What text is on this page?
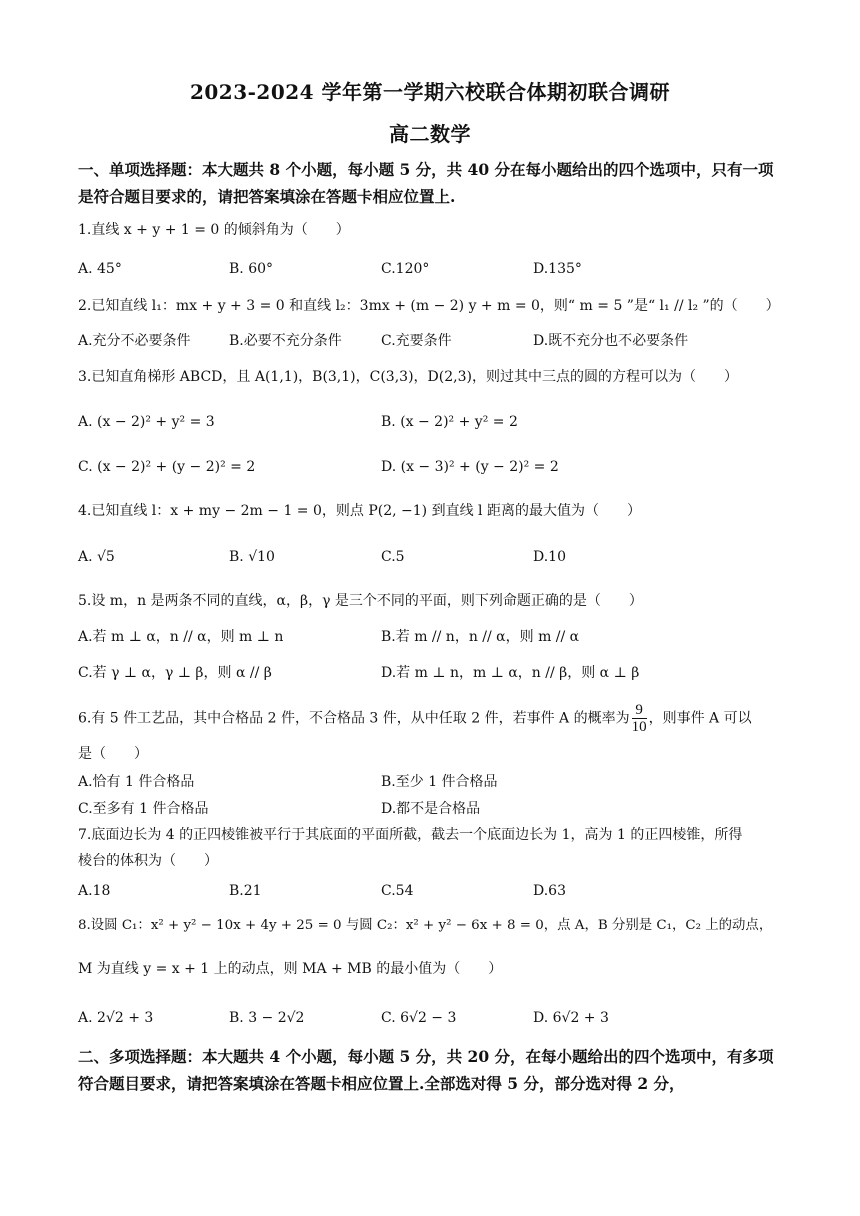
2023-2024 学年第一学期六校联合体期初联合调研
高二数学
一、单项选择题：本大题共 8 个小题，每小题 5 分，共 40 分在每小题给出的四个选项中，只有一项是符合题目要求的，请把答案填涂在答题卡相应位置上.
1.直线 x + y + 1 = 0 的倾斜角为（　　）
A. 45°	B. 60°	C.120°	D.135°
2.已知直线 l₁：mx + y + 3 = 0 和直线 l₂：3mx + (m − 2) y + m = 0，则“ m = 5 ”是“ l₁ // l₂ ”的（　　）
A.充分不必要条件	B.必要不充分条件	C.充要条件	D.既不充分也不必要条件
3.已知直角梯形 ABCD，且 A(1,1)，B(3,1)，C(3,3)，D(2,3)，则过其中三点的圆的方程可以为（　　）
A. (x − 2)² + y² = 3	B. (x − 2)² + y² = 2
C. (x − 2)² + (y − 2)² = 2	D. (x − 3)² + (y − 2)² = 2
4.已知直线 l：x + my − 2m − 1 = 0，则点 P(2, −1) 到直线 l 距离的最大值为（　　）
A. √5	B. √10	C.5	D.10
5.设 m，n 是两条不同的直线，α，β，γ 是三个不同的平面，则下列命题正确的是（　　）
A.若 m ⊥ α，n // α，则 m ⊥ n	B.若 m // n，n // α，则 m // α
C.若 γ ⊥ α，γ ⊥ β，则 α // β	D.若 m ⊥ n，m ⊥ α，n // β，则 α ⊥ β
6.有 5 件工艺品，其中合格品 2 件，不合格品 3 件，从中任取 2 件，若事件 A 的概率为 $\frac{9}{10}$ ，则事件 A 可以
是（　　）
A.恰有 1 件合格品	B.至少 1 件合格品
C.至多有 1 件合格品	D.都不是合格品
7.底面边长为 4 的正四棱锥被平行于其底面的平面所截，截去一个底面边长为 1，高为 1 的正四棱锥，所得
棱台的体积为（　　）
A.18	B.21	C.54	D.63
8.设圆 C₁：x² + y² − 10x + 4y + 25 = 0 与圆 C₂：x² + y² − 6x + 8 = 0，点 A，B 分别是 C₁，C₂ 上的动点，
M 为直线 y = x + 1 上的动点，则 MA + MB 的最小值为（　　）
A. 2√2 + 3	B. 3 − 2√2	C. 6√2 − 3	D. 6√2 + 3
二、多项选择题：本大题共 4 个小题，每小题 5 分，共 20 分，在每小题给出的四个选项中，有多项符合题目要求，请把答案填涂在答题卡相应位置上.全部选对得 5 分，部分选对得 2 分，
